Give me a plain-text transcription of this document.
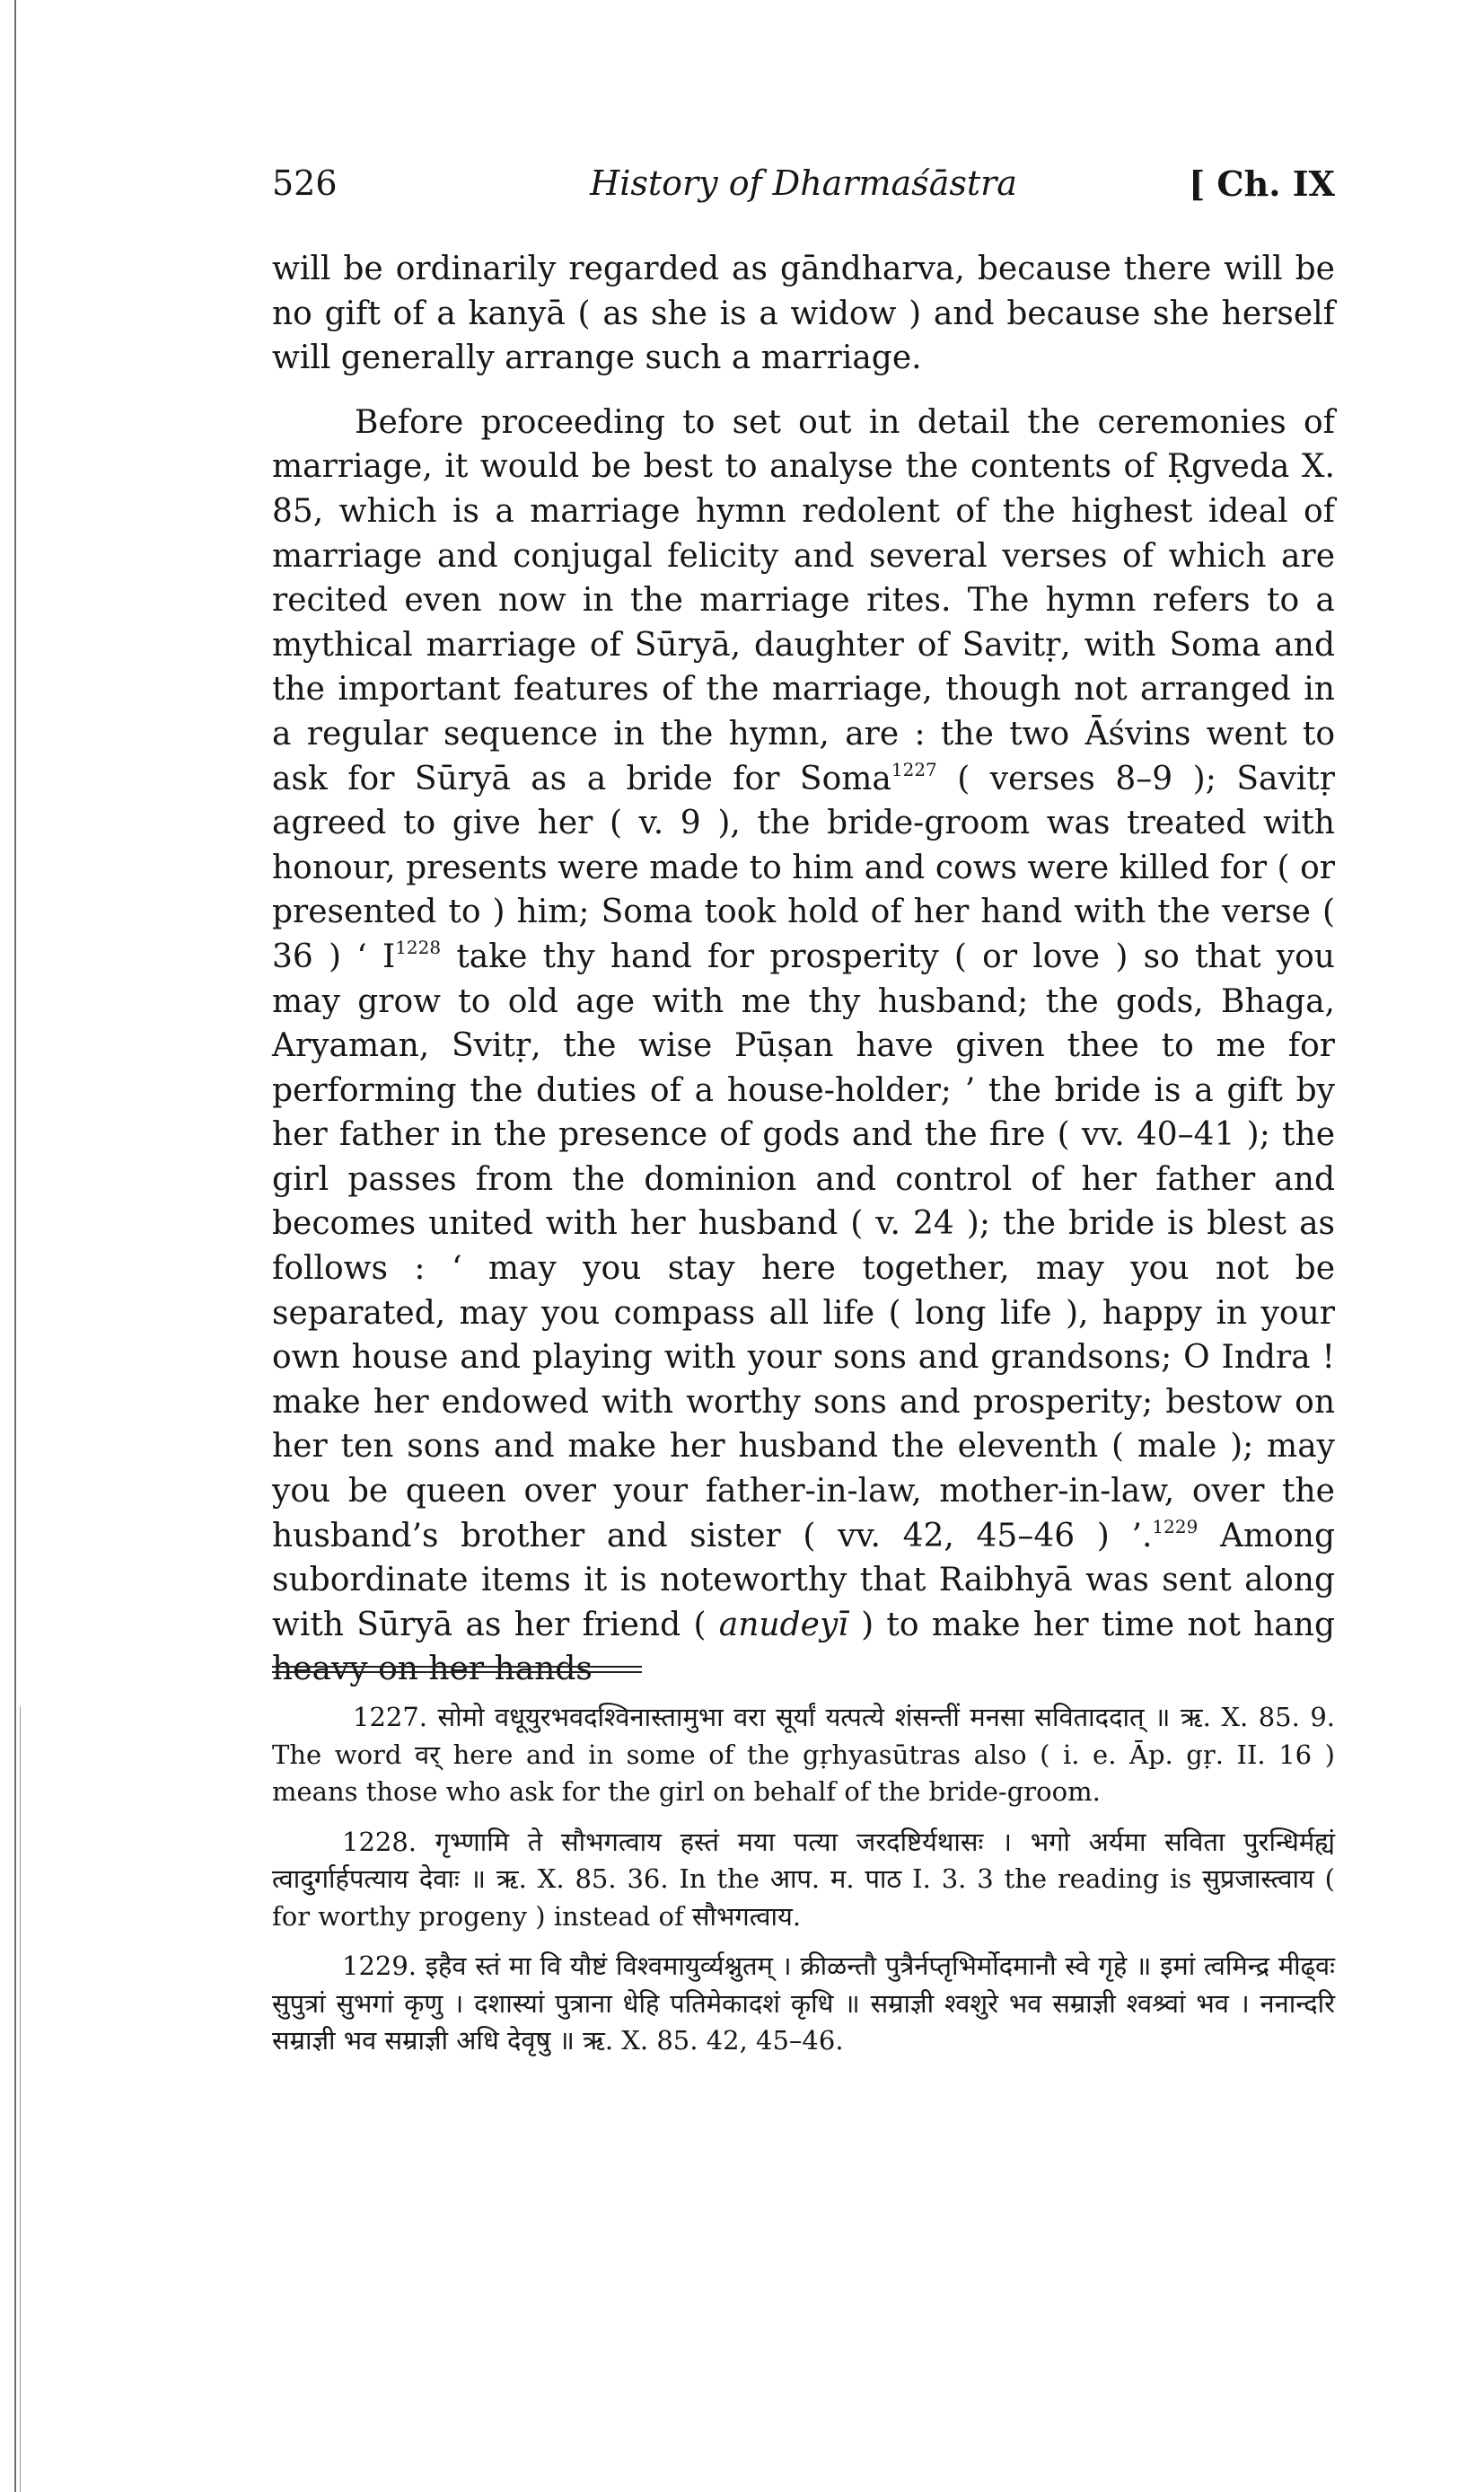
History of Dharmaśāstra
526	[ Ch. IX

will be ordinarily regarded as gāndharva, because there will be no gift of a kanyā ( as she is a widow ) and because she herself will generally arrange such a marriage.

Before proceeding to set out in detail the ceremonies of marriage, it would be best to analyse the contents of Ṛgveda X. 85, which is a marriage hymn redolent of the highest ideal of marriage and conjugal felicity and several verses of which are recited even now in the marriage rites. The hymn refers to a mythical marriage of Sūryā, daughter of Savitṛ, with Soma and the important features of the marriage, though not arranged in a regular sequence in the hymn, are : the two Āśvins went to ask for Sūryā as a bride for Soma$^{1227}$ ( verses 8–9 ); Savitṛ agreed to give her ( v. 9 ), the bride-groom was treated with honour, presents were made to him and cows were killed for ( or presented to ) him; Soma took hold of her hand with the verse ( 36 ) ‘ $I^{1228}$ take thy hand for prosperity ( or love ) so that you may grow to old age with me thy husband; the gods, Bhaga, Aryaman, Svitṛ, the wise Pūṣan have given thee to me for performing the duties of a house-holder; ’ the bride is a gift by her father in the presence of gods and the fire ( vv. 40–41 ); the girl passes from the dominion and control of her father and becomes united with her husband ( v. 24 ); the bride is blest as follows : ‘ may you stay here together, may you not be separated, may you compass all life ( long life ), happy in your own house and playing with your sons and grandsons; O Indra ! make her endowed with worthy sons and prosperity; bestow on her ten sons and make her husband the eleventh ( male ); may you be queen over your father-in-law, mother-in-law, over the husband’s brother and sister ( vv. 42, 45–46 ) ’.$^{1229}$ Among subordinate items it is noteworthy that Raibhyā was sent along with Sūryā as her friend ( anudeyī ) to make her time not hang heavy on her hands

1227. सोमो वधूयुरभवदश्विनास्तामुभा वरा सूर्यां यत्पत्ये शंसन्तीं मनसा सविताददात् ॥ ऋ. X. 85. 9. The word वर् here and in some of the gṛhyasūtras also ( i. e. Āp. gṛ. II. 16 ) means those who ask for the girl on behalf of the bride-groom.

1228. गृभ्णामि ते सौभगत्वाय हस्तं मया पत्या जरदष्टिर्यथासः । भगो अर्यमा सविता पुरन्धिर्मह्यं त्वादुर्गार्हपत्याय देवाः ॥ ऋ. X. 85. 36. In the आप. म. पाठ I. 3. 3 the reading is सुप्रजास्त्वाय ( for worthy progeny ) instead of सौभगत्वाय.

1229. इहैव स्तं मा वि यौष्टं विश्वमायुर्व्यश्नुतम् । क्रीळन्तौ पुत्रैर्नप्तृभिर्मोदमानौ स्वे गृहे ॥ इमां त्वमिन्द्र मीढ्वः सुपुत्रां सुभगां कृणु । दशास्यां पुत्राना धेहि पतिमेकादशं कृधि ॥ सम्राज्ञी श्वशुरे भव सम्राज्ञी श्वश्र्वां भव । ननान्दरि सम्राज्ञी भव सम्राज्ञी अधि देवृषु ॥ ऋ. X. 85. 42, 45–46.
